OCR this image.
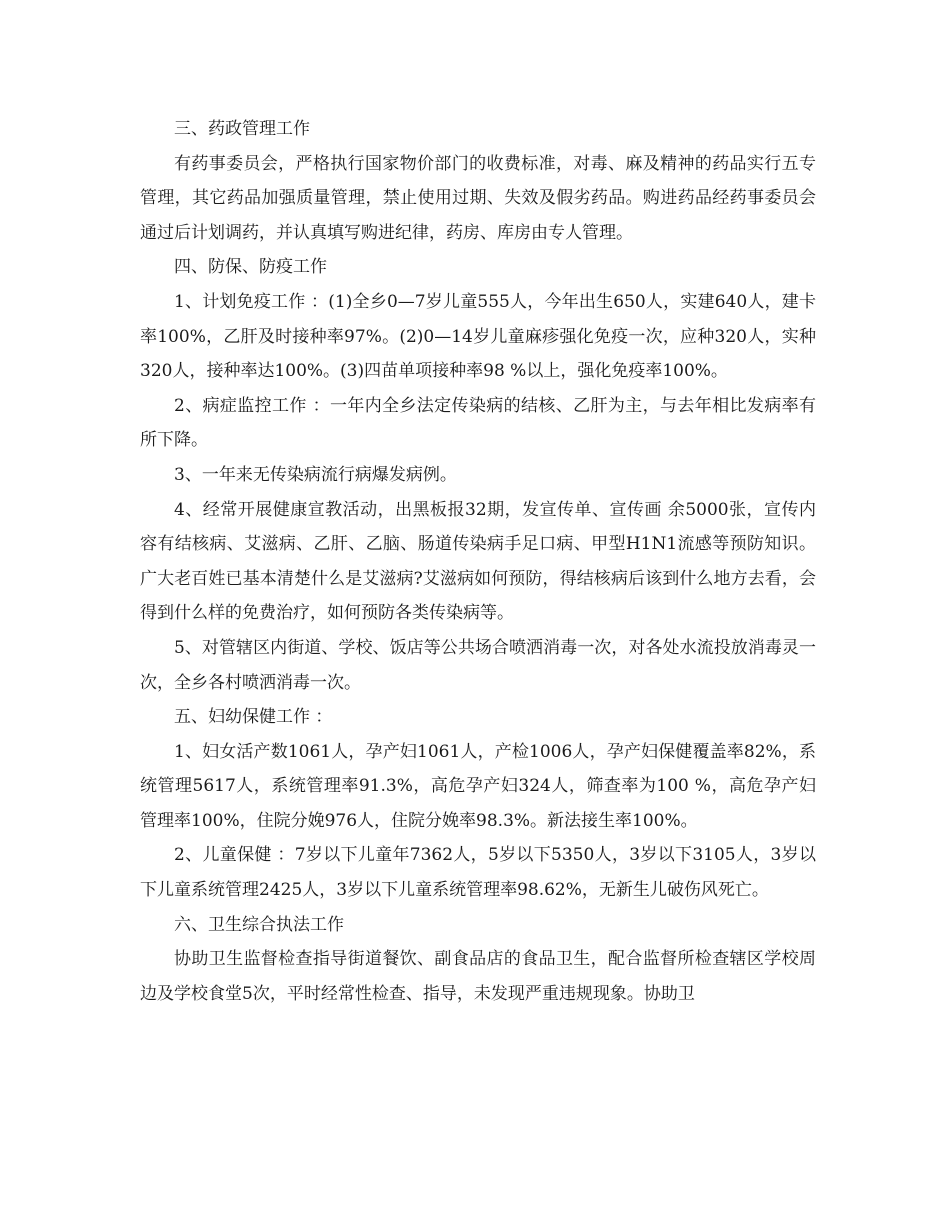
三、药政管理工作

有药事委员会，严格执行国家物价部门的收费标准，对毒、麻及精神的药品实行五专管理，其它药品加强质量管理，禁止使用过期、失效及假劣药品。购进药品经药事委员会通过后计划调药，并认真填写购进纪律，药房、库房由专人管理。

四、防保、防疫工作

1、计划免疫工作 ：(1)全乡0—7岁儿童555人，今年出生650人，实建640人，建卡率100%，乙肝及时接种率97%。(2)0—14岁儿童麻疹强化免疫一次，应种320人，实种320人，接种率达100%。(3)四苗单项接种率98 %以上，强化免疫率100%。

2、病症监控工作 ：一年内全乡法定传染病的结核、乙肝为主，与去年相比发病率有所下降。

3、一年来无传染病流行病爆发病例。

4、经常开展健康宣教活动，出黑板报32期，发宣传单、宣传画 余5000张，宣传内容有结核病、艾滋病、乙肝、乙脑、肠道传染病手足口病、甲型H1N1流感等预防知识。广大老百姓已基本清楚什么是艾滋病?艾滋病如何预防，得结核病后该到什么地方去看，会得到什么样的免费治疗，如何预防各类传染病等。

5、对管辖区内街道、学校、饭店等公共场合喷洒消毒一次，对各处水流投放消毒灵一次，全乡各村喷洒消毒一次。

五、妇幼保健工作 ：

1、妇女活产数1061人，孕产妇1061人，产检1006人，孕产妇保健覆盖率82%，系统管理5617人，系统管理率91.3%，高危孕产妇324人，筛查率为100 %，高危孕产妇管理率100%，住院分娩976人，住院分娩率98.3%。新法接生率100%。

2、儿童保健 ：7岁以下儿童年7362人，5岁以下5350人，3岁以下3105人，3岁以下儿童系统管理2425人，3岁以下儿童系统管理率98.62%，无新生儿破伤风死亡。

六、卫生综合执法工作

协助卫生监督检查指导街道餐饮、副食品店的食品卫生，配合监督所检查辖区学校周边及学校食堂5次，平时经常性检查、指导，未发现严重违规现象。协助卫
